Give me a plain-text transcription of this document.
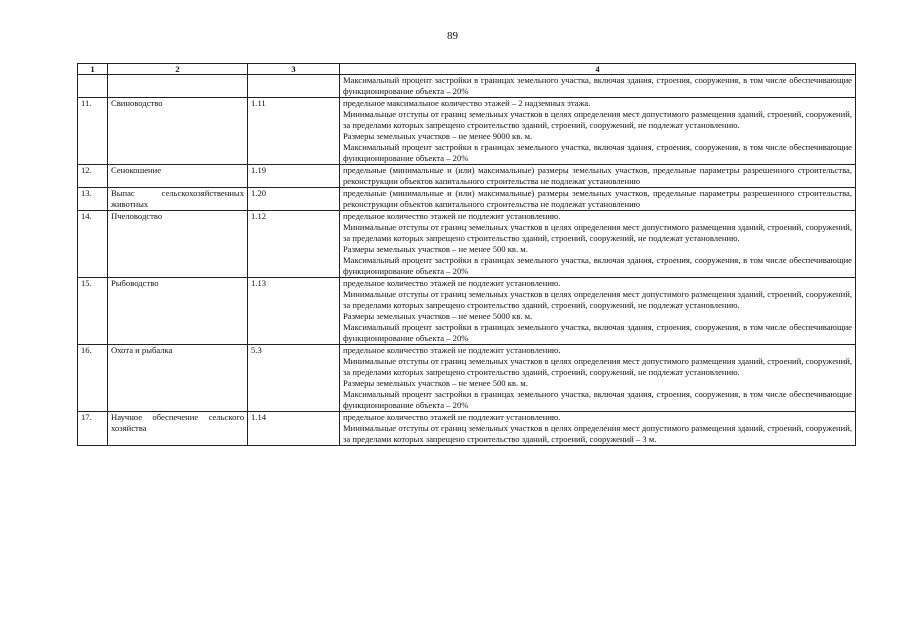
89
1	2	3	4

			Максимальный процент застройки в границах земельного участка, включая здания, строения, сооружения, в том числе обеспечивающие функционирование объекта – 20%

11.	Свиноводство	1.11	предельное максимальное количество этажей – 2 надземных этажа.
Минимальные отступы от границ земельных участков в целях определения мест допустимого размещения зданий, строений, сооружений, за пределами которых запрещено строительство зданий, строений, сооружений, не подлежат установлению.
Размеры земельных участков – не менее 9000 кв. м.
Максимальный процент застройки в границах земельного участка, включая здания, строения, сооружения, в том числе обеспечивающие функционирование объекта – 20%

12.	Сенокошение	1.19	предельные (минимальные и (или) максимальные) размеры земельных участков, предельные параметры разрешенного строительства, реконструкции объектов капитального строительства не подлежат установлению

13.	Выпас сельскохозяйственных животных	1.20	предельные (минимальные и (или) максимальные) размеры земельных участков, предельные параметры разрешенного строительства, реконструкции объектов капитального строительства не подлежат установлению

14.	Пчеловодство	1.12	предельное количество этажей не подлежит установлению.
Минимальные отступы от границ земельных участков в целях определения мест допустимого размещения зданий, строений, сооружений, за пределами которых запрещено строительство зданий, строений, сооружений, не подлежат установлению.
Размеры земельных участков – не менее 500 кв. м.
Максимальный процент застройки в границах земельного участка, включая здания, строения, сооружения, в том числе обеспечивающие функционирование объекта – 20%

15.	Рыбоводство	1.13	предельное количество этажей не подлежит установлению.
Минимальные отступы от границ земельных участков в целях определения мест допустимого размещения зданий, строений, сооружений, за пределами которых запрещено строительство зданий, строений, сооружений, не подлежат установлению.
Размеры земельных участков – не менее 5000 кв. м.
Максимальный процент застройки в границах земельного участка, включая здания, строения, сооружения, в том числе обеспечивающие функционирование объекта – 20%

16.	Охота и рыбалка	5.3	предельное количество этажей не подлежит установлению.
Минимальные отступы от границ земельных участков в целях определения мест допустимого размещения зданий, строений, сооружений, за пределами которых запрещено строительство зданий, строений, сооружений, не подлежат установлению.
Размеры земельных участков – не менее 500 кв. м.
Максимальный процент застройки в границах земельного участка, включая здания, строения, сооружения, в том числе обеспечивающие функционирование объекта – 20%

17.	Научное обеспечение сельского хозяйства	1.14	предельное количество этажей не подлежит установлению.
Минимальные отступы от границ земельных участков в целях определения мест допустимого размещения зданий, строений, сооружений, за пределами которых запрещено строительство зданий, строений, сооружений – 3 м.
